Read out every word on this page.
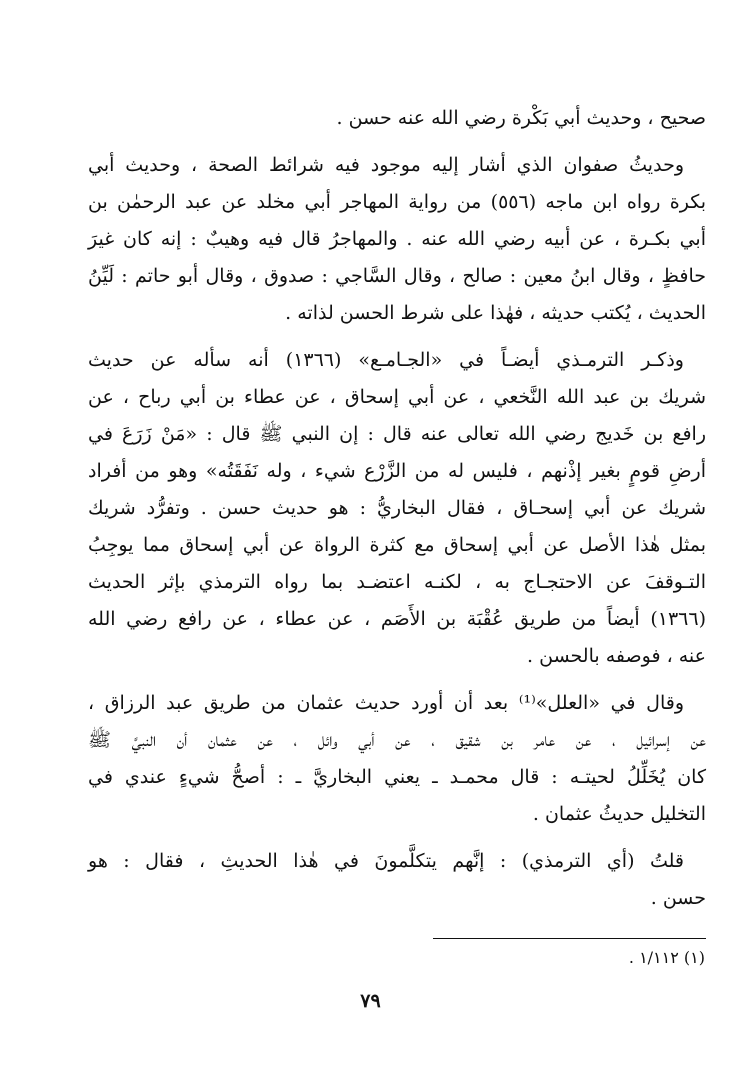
صحيح ، وحديث أبي بَكْرة رضي الله عنه حسن .

وحديثُ صفوان الذي أشار إليه موجود فيه شرائط الصحة ، وحديث أبي
بكرة رواه ابن ماجه (٥٥٦) من رواية المهاجر أبي مخلد عن عبد الرحمٰن بن
أبي بكـرة ، عن أبيه رضي الله عنه . والمهاجرُ قال فيه وهيبٌ : إنه كان غيرَ
حافظٍ ، وقال ابنُ معين : صالح ، وقال السَّاجي : صدوق ، وقال أبو حاتم : لَيِّنُ
الحديث ، يُكتب حديثه ، فهٰذا على شرط الحسن لذاته .

وذكـر الترمـذي أيضـاً في «الجـامـع» (١٣٦٦) أنه سأله عن حديث
شريك بن عبد الله النَّخعي ، عن أبي إسحاق ، عن عطاء بن أبي رباح ، عن
رافع بن خَديج رضي الله تعالى عنه قال : إن النبي ﷺ قال : «مَنْ زَرَعَ في
أرضِ قومٍ بغير إذْنهم ، فليس له من الزَّرْع شيء ، وله نَفَقَتُه» وهو من أفراد
شريك عن أبي إسحـاق ، فقال البخاريُّ : هو حديث حسن . وتفرُّد شريك
بمثل هٰذا الأصل عن أبي إسحاق مع كثرة الرواة عن أبي إسحاق مما يوجِبُ
التـوقفَ عن الاحتجـاج به ، لكنـه اعتضـد بما رواه الترمذي بإثر الحديث
(١٣٦٦) أيضاً من طريق عُقْبَة بن الأَصَم ، عن عطاء ، عن رافع رضي الله
عنه ، فوصفه بالحسن .

وقال في «العلل»⁽¹⁾ بعد أن أورد حديث عثمان من طريق عبد الرزاق ،
عن إسرائيل ، عن عامر بن شقيق ، عن أبي وائل ، عن عثمان أن النبيَّ ﷺ
كان يُخَلِّلُ لحيتـه : قال محمـد ـ يعني البخاريَّ ـ : أصحُّ شيءٍ عندي في
التخليل حديثُ عثمان .

قلتُ (أي الترمذي) : إنَّهم يتكلَّمونَ في هٰذا الحديثِ ، فقال : هو
حسن .

(١) ١/١١٢ .
٧٩
